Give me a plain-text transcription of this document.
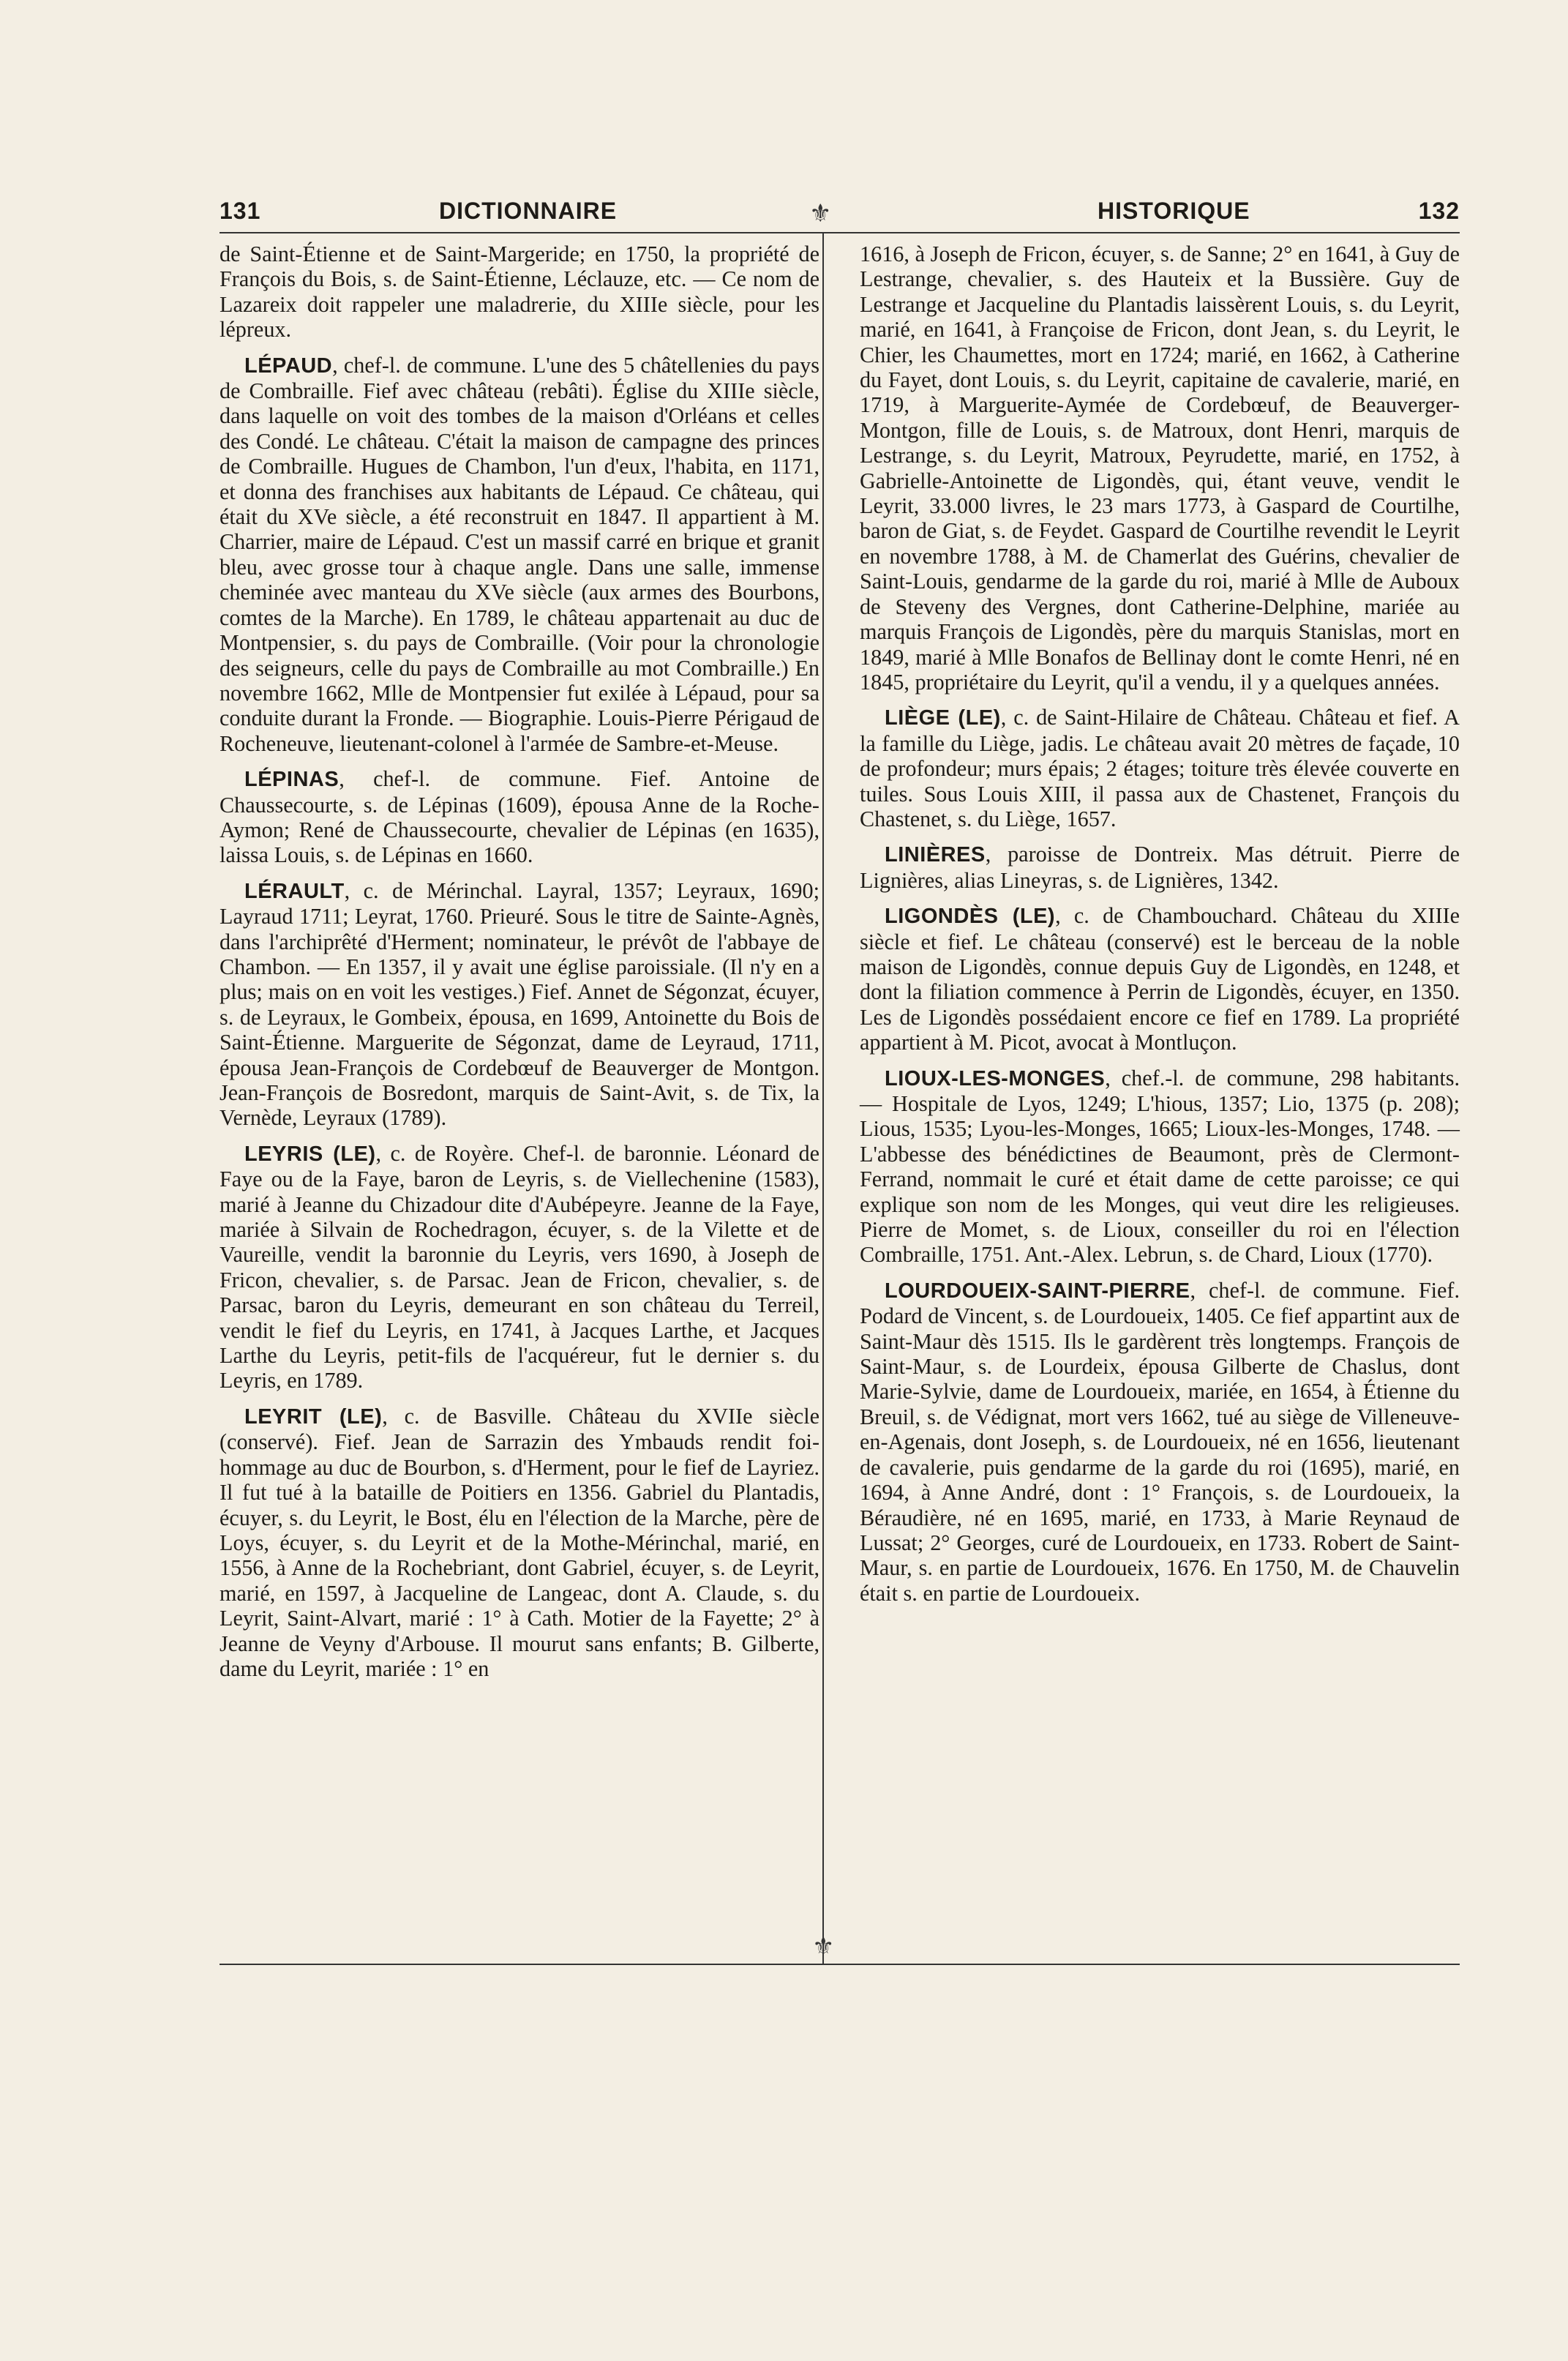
131	DICTIONNAIRE	HISTORIQUE	132
⚜
⚜

de Saint-Étienne et de Saint-Margeride; en 1750, la propriété de François du Bois, s. de Saint-Étienne, Léclauze, etc. — Ce nom de Lazareix doit rappeler une maladrerie, du XIIIe siècle, pour les lépreux.

LÉPAUD, chef-l. de commune. L'une des 5 châtellenies du pays de Combraille. Fief avec château (rebâti). Église du XIIIe siècle, dans laquelle on voit des tombes de la maison d'Orléans et celles des Condé. Le château. C'était la maison de campagne des princes de Combraille. Hugues de Chambon, l'un d'eux, l'habita, en 1171, et donna des franchises aux habitants de Lépaud. Ce château, qui était du XVe siècle, a été reconstruit en 1847. Il appartient à M. Charrier, maire de Lépaud. C'est un massif carré en brique et granit bleu, avec grosse tour à chaque angle. Dans une salle, immense cheminée avec manteau du XVe siècle (aux armes des Bourbons, comtes de la Marche). En 1789, le château appartenait au duc de Montpensier, s. du pays de Combraille. (Voir pour la chronologie des seigneurs, celle du pays de Combraille au mot Combraille.) En novembre 1662, Mlle de Montpensier fut exilée à Lépaud, pour sa conduite durant la Fronde. — Biographie. Louis-Pierre Périgaud de Rocheneuve, lieutenant-colonel à l'armée de Sambre-et-Meuse.

LÉPINAS, chef-l. de commune. Fief. Antoine de Chaussecourte, s. de Lépinas (1609), épousa Anne de la Roche-Aymon; René de Chaussecourte, chevalier de Lépinas (en 1635), laissa Louis, s. de Lépinas en 1660.

LÉRAULT, c. de Mérinchal. Layral, 1357; Leyraux, 1690; Layraud 1711; Leyrat, 1760. Prieuré. Sous le titre de Sainte-Agnès, dans l'archiprêté d'Herment; nominateur, le prévôt de l'abbaye de Chambon. — En 1357, il y avait une église paroissiale. (Il n'y en a plus; mais on en voit les vestiges.) Fief. Annet de Ségonzat, écuyer, s. de Leyraux, le Gombeix, épousa, en 1699, Antoinette du Bois de Saint-Étienne. Marguerite de Ségonzat, dame de Leyraud, 1711, épousa Jean-François de Cordebœuf de Beauverger de Montgon. Jean-François de Bosredont, marquis de Saint-Avit, s. de Tix, la Vernède, Leyraux (1789).

LEYRIS (LE), c. de Royère. Chef-l. de baronnie. Léonard de Faye ou de la Faye, baron de Leyris, s. de Viellechenine (1583), marié à Jeanne du Chizadour dite d'Aubépeyre. Jeanne de la Faye, mariée à Silvain de Rochedragon, écuyer, s. de la Vilette et de Vaureille, vendit la baronnie du Leyris, vers 1690, à Joseph de Fricon, chevalier, s. de Parsac. Jean de Fricon, chevalier, s. de Parsac, baron du Leyris, demeurant en son château du Terreil, vendit le fief du Leyris, en 1741, à Jacques Larthe, et Jacques Larthe du Leyris, petit-fils de l'acquéreur, fut le dernier s. du Leyris, en 1789.

LEYRIT (LE), c. de Basville. Château du XVIIe siècle (conservé). Fief. Jean de Sarrazin des Ymbauds rendit foi-hommage au duc de Bourbon, s. d'Herment, pour le fief de Layriez. Il fut tué à la bataille de Poitiers en 1356. Gabriel du Plantadis, écuyer, s. du Leyrit, le Bost, élu en l'élection de la Marche, père de Loys, écuyer, s. du Leyrit et de la Mothe-Mérinchal, marié, en 1556, à Anne de la Rochebriant, dont Gabriel, écuyer, s. de Leyrit, marié, en 1597, à Jacqueline de Langeac, dont A. Claude, s. du Leyrit, Saint-Alvart, marié : 1° à Cath. Motier de la Fayette; 2° à Jeanne de Veyny d'Arbouse. Il mourut sans enfants; B. Gilberte, dame du Leyrit, mariée : 1° en

1616, à Joseph de Fricon, écuyer, s. de Sanne; 2° en 1641, à Guy de Lestrange, chevalier, s. des Hauteix et la Bussière. Guy de Lestrange et Jacqueline du Plantadis laissèrent Louis, s. du Leyrit, marié, en 1641, à Françoise de Fricon, dont Jean, s. du Leyrit, le Chier, les Chaumettes, mort en 1724; marié, en 1662, à Catherine du Fayet, dont Louis, s. du Leyrit, capitaine de cavalerie, marié, en 1719, à Marguerite-Aymée de Cordebœuf, de Beauverger-Montgon, fille de Louis, s. de Matroux, dont Henri, marquis de Lestrange, s. du Leyrit, Matroux, Peyrudette, marié, en 1752, à Gabrielle-Antoinette de Ligondès, qui, étant veuve, vendit le Leyrit, 33.000 livres, le 23 mars 1773, à Gaspard de Courtilhe, baron de Giat, s. de Feydet. Gaspard de Courtilhe revendit le Leyrit en novembre 1788, à M. de Chamerlat des Guérins, chevalier de Saint-Louis, gendarme de la garde du roi, marié à Mlle de Auboux de Steveny des Vergnes, dont Catherine-Delphine, mariée au marquis François de Ligondès, père du marquis Stanislas, mort en 1849, marié à Mlle Bonafos de Bellinay dont le comte Henri, né en 1845, propriétaire du Leyrit, qu'il a vendu, il y a quelques années.

LIÈGE (LE), c. de Saint-Hilaire de Château. Château et fief. A la famille du Liège, jadis. Le château avait 20 mètres de façade, 10 de profondeur; murs épais; 2 étages; toiture très élevée couverte en tuiles. Sous Louis XIII, il passa aux de Chastenet, François du Chastenet, s. du Liège, 1657.

LINIÈRES, paroisse de Dontreix. Mas détruit. Pierre de Lignières, alias Lineyras, s. de Lignières, 1342.

LIGONDÈS (LE), c. de Chambouchard. Château du XIIIe siècle et fief. Le château (conservé) est le berceau de la noble maison de Ligondès, connue depuis Guy de Ligondès, en 1248, et dont la filiation commence à Perrin de Ligondès, écuyer, en 1350. Les de Ligondès possédaient encore ce fief en 1789. La propriété appartient à M. Picot, avocat à Montluçon.

LIOUX-LES-MONGES, chef.-l. de commune, 298 habitants. — Hospitale de Lyos, 1249; L'hious, 1357; Lio, 1375 (p. 208); Lious, 1535; Lyou-les-Monges, 1665; Lioux-les-Monges, 1748. — L'abbesse des bénédictines de Beaumont, près de Clermont-Ferrand, nommait le curé et était dame de cette paroisse; ce qui explique son nom de les Monges, qui veut dire les religieuses. Pierre de Momet, s. de Lioux, conseiller du roi en l'élection Combraille, 1751. Ant.-Alex. Lebrun, s. de Chard, Lioux (1770).

LOURDOUEIX-SAINT-PIERRE, chef-l. de commune. Fief. Podard de Vincent, s. de Lourdoueix, 1405. Ce fief appartint aux de Saint-Maur dès 1515. Ils le gardèrent très longtemps. François de Saint-Maur, s. de Lourdeix, épousa Gilberte de Chaslus, dont Marie-Sylvie, dame de Lourdoueix, mariée, en 1654, à Étienne du Breuil, s. de Védignat, mort vers 1662, tué au siège de Villeneuve-en-Agenais, dont Joseph, s. de Lourdoueix, né en 1656, lieutenant de cavalerie, puis gendarme de la garde du roi (1695), marié, en 1694, à Anne André, dont : 1° François, s. de Lourdoueix, la Béraudière, né en 1695, marié, en 1733, à Marie Reynaud de Lussat; 2° Georges, curé de Lourdoueix, en 1733. Robert de Saint-Maur, s. en partie de Lourdoueix, 1676. En 1750, M. de Chauvelin était s. en partie de Lourdoueix.
